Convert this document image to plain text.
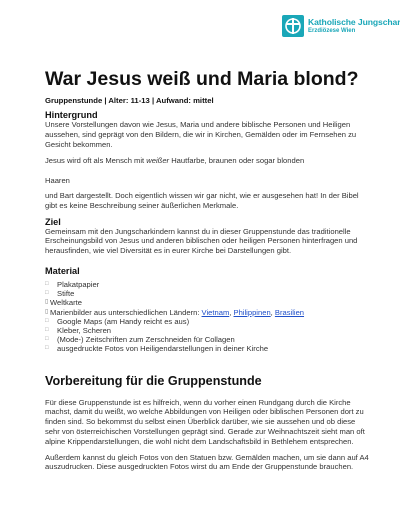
Katholische Jungschar
Erzdiözese Wien
War Jesus weiß und Maria blond?
Gruppenstunde | Alter: 11-13 | Aufwand: mittel
Hintergrund

Unsere Vorstellungen davon wie Jesus, Maria und andere biblische Personen und Heiligen aussehen, sind geprägt von den Bildern, die wir in Kirchen, Gemälden oder im Fernsehen zu Gesicht bekommen.

Jesus wird oft als Mensch mit weißer Hautfarbe, braunen oder sogar blonden

Haaren

und Bart dargestellt. Doch eigentlich wissen wir gar nicht, wie er ausgesehen hat! In der Bibel gibt es keine Beschreibung seiner äußerlichen Merkmale.

Ziel

Gemeinsam mit den Jungscharkindern kannst du in dieser Gruppenstunde das traditionelle Erscheinungsbild von Jesus und anderen biblischen oder heiligen Personen hinterfragen und herausfinden, wie viel Diversität es in eurer Kirche bei Darstellungen gibt.

Material
□	Plakatpapier
□	Stifte
▯ Weltkarte
▯ Marienbilder aus unterschiedlichen Ländern: Vietnam, Philippinen, Brasilien
□	Google Maps (am Handy reicht es aus)
□	Kleber, Scheren
□	(Mode-) Zeitschriften zum Zerschneiden für Collagen
□	ausgedruckte Fotos von Heiligendarstellungen in deiner Kirche
Vorbereitung für die Gruppenstunde

Für diese Gruppenstunde ist es hilfreich, wenn du vorher einen Rundgang durch die Kirche machst, damit du weißt, wo welche Abbildungen von Heiligen oder biblischen Personen dort zu finden sind. So bekommst du selbst einen Überblick darüber, wie sie aussehen und ob diese sehr von österreichischen Vorstellungen geprägt sind. Gerade zur Weihnachtszeit sieht man oft alpine Krippendarstellungen, die wohl nicht dem Landschaftsbild in Bethlehem entsprechen.

Außerdem kannst du gleich Fotos von den Statuen bzw. Gemälden machen, um sie dann auf A4 auszudrucken. Diese ausgedruckten Fotos wirst du am Ende der Gruppenstunde brauchen.
